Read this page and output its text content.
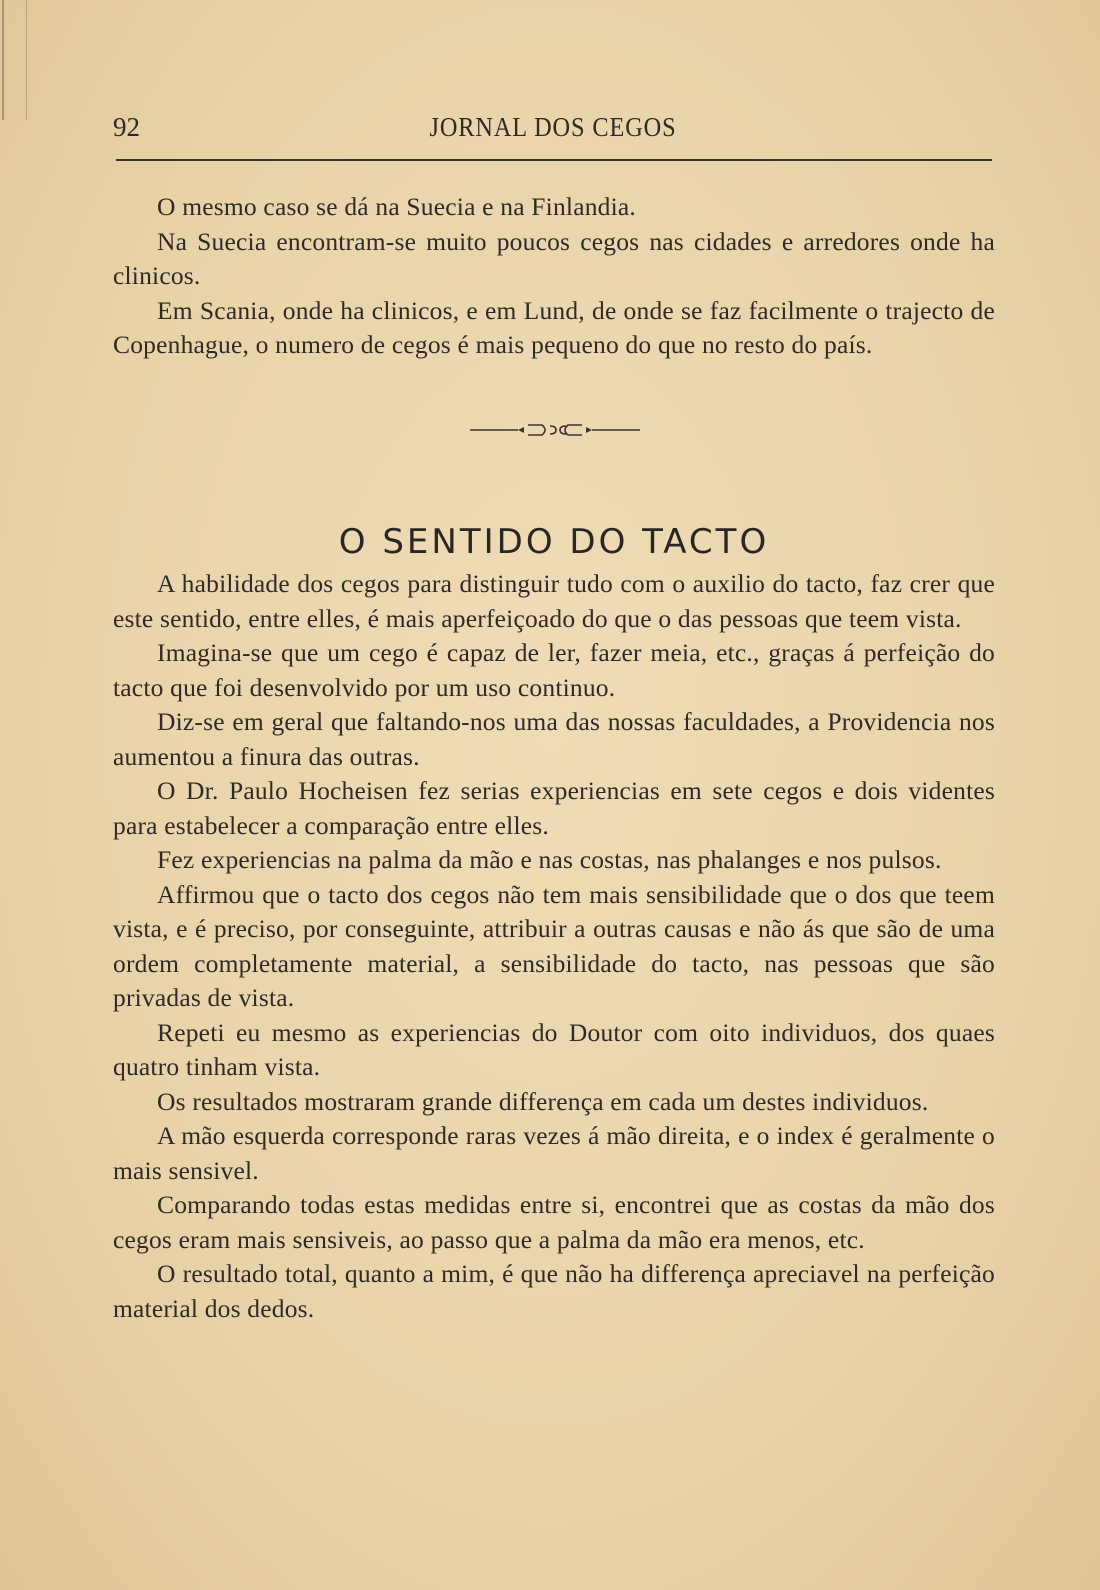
92	JORNAL DOS CEGOS

O mesmo caso se dá na Suecia e na Finlandia.

Na Suecia encontram-se muito poucos cegos nas cidades e arredores onde ha clinicos.

Em Scania, onde ha clinicos, e em Lund, de onde se faz facilmente o trajecto de Copenhague, o numero de cegos é mais pequeno do que no resto do país.

O SENTIDO DO TACTO

A habilidade dos cegos para distinguir tudo com o auxilio do tacto, faz crer que este sentido, entre elles, é mais aperfeiçoado do que o das pessoas que teem vista.

Imagina-se que um cego é capaz de ler, fazer meia, etc., graças á perfeição do tacto que foi desenvolvido por um uso continuo.

Diz-se em geral que faltando-nos uma das nossas faculdades, a Providencia nos aumentou a finura das outras.

O Dr. Paulo Hocheisen fez serias experiencias em sete cegos e dois videntes para estabelecer a comparação entre elles.

Fez experiencias na palma da mão e nas costas, nas phalanges e nos pulsos.

Affirmou que o tacto dos cegos não tem mais sensibilidade que o dos que teem vista, e é preciso, por conseguinte, attribuir a outras causas e não ás que são de uma ordem completamente material, a sensibilidade do tacto, nas pessoas que são privadas de vista.

Repeti eu mesmo as experiencias do Doutor com oito individuos, dos quaes quatro tinham vista.

Os resultados mostraram grande differença em cada um destes individuos.

A mão esquerda corresponde raras vezes á mão direita, e o index é geralmente o mais sensivel.

Comparando todas estas medidas entre si, encontrei que as costas da mão dos cegos eram mais sensiveis, ao passo que a palma da mão era menos, etc.

O resultado total, quanto a mim, é que não ha differença apreciavel na perfeição material dos dedos.
